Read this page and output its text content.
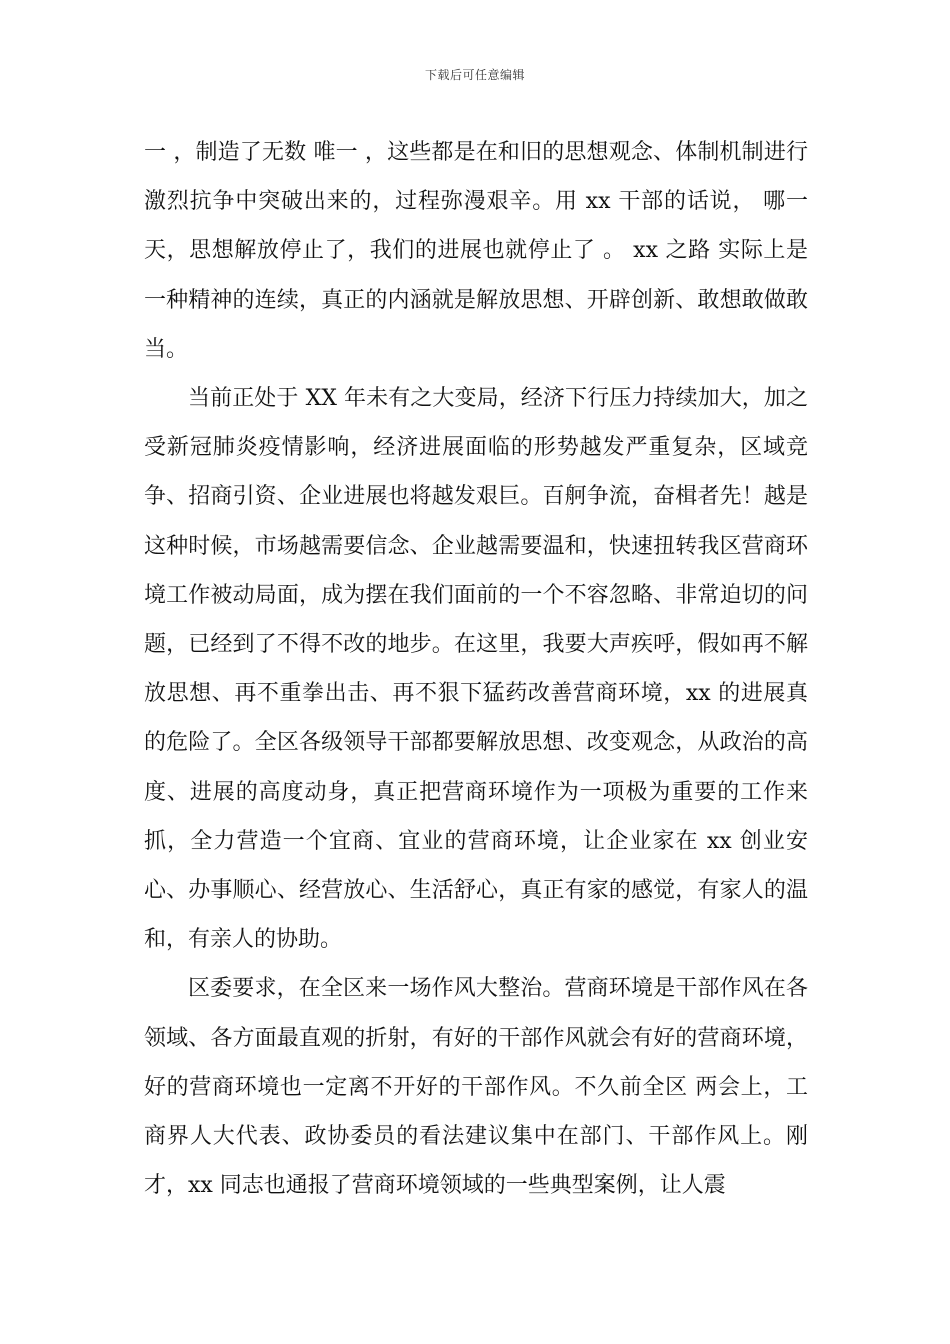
下载后可任意编辑

一 ，制造了无数 唯一 ，这些都是在和旧的思想观念、体制机制进行激烈抗争中突破出来的，过程弥漫艰辛。用 xx 干部的话说， 哪一天，思想解放停止了，我们的进展也就停止了 。 xx 之路 实际上是一种精神的连续，真正的内涵就是解放思想、开辟创新、敢想敢做敢当。

当前正处于 XX 年未有之大变局，经济下行压力持续加大，加之受新冠肺炎疫情影响，经济进展面临的形势越发严重复杂，区域竞争、招商引资、企业进展也将越发艰巨。百舸争流，奋楫者先！越是这种时候，市场越需要信念、企业越需要温和，快速扭转我区营商环境工作被动局面，成为摆在我们面前的一个不容忽略、非常迫切的问题，已经到了不得不改的地步。在这里，我要大声疾呼，假如再不解放思想、再不重拳出击、再不狠下猛药改善营商环境，xx 的进展真的危险了。全区各级领导干部都要解放思想、改变观念，从政治的高度、进展的高度动身，真正把营商环境作为一项极为重要的工作来抓，全力营造一个宜商、宜业的营商环境，让企业家在 xx 创业安心、办事顺心、经营放心、生活舒心，真正有家的感觉，有家人的温和，有亲人的协助。

区委要求，在全区来一场作风大整治。营商环境是干部作风在各领域、各方面最直观的折射，有好的干部作风就会有好的营商环境，好的营商环境也一定离不开好的干部作风。不久前全区 两会上，工商界人大代表、政协委员的看法建议集中在部门、干部作风上。刚才，xx 同志也通报了营商环境领域的一些典型案例，让人震
